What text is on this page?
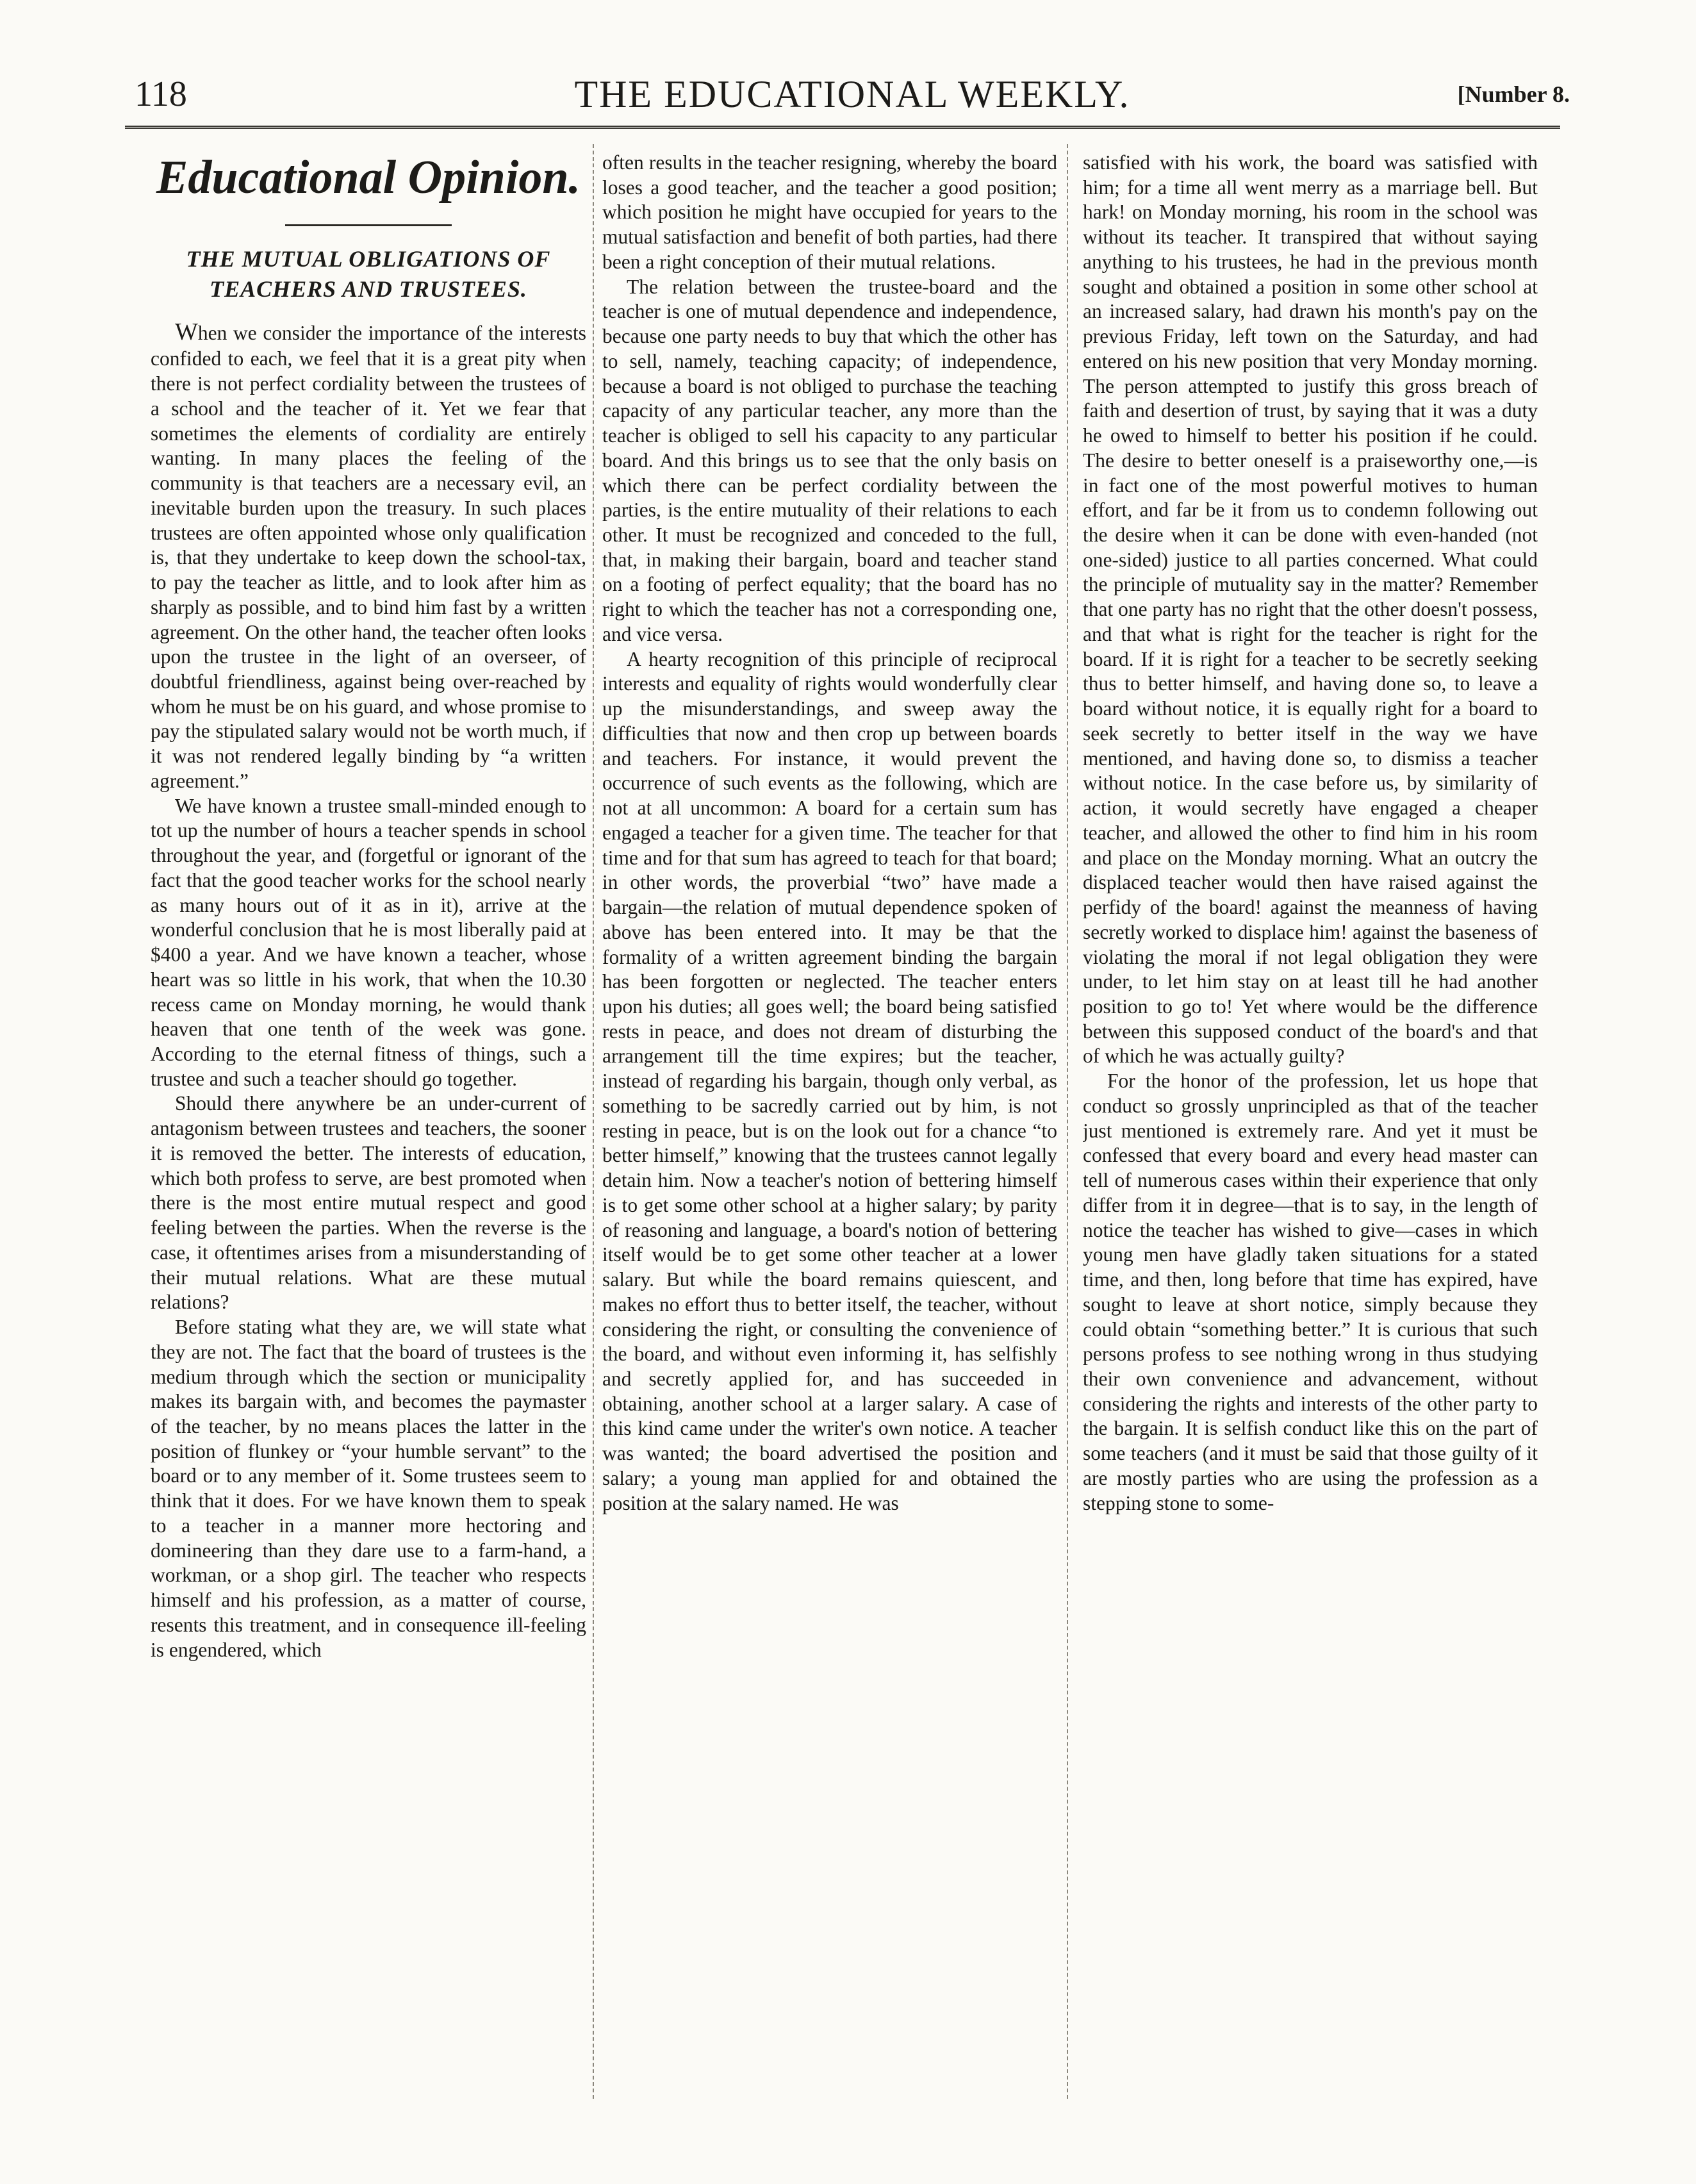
118	THE EDUCATIONAL WEEKLY.	[Number 8.
Educational Opinion.
THE MUTUAL OBLIGATIONS OF TEACHERS AND TRUSTEES.

When we consider the importance of the interests confided to each, we feel that it is a great pity when there is not perfect cordiality between the trustees of a school and the teacher of it. Yet we fear that sometimes the elements of cordiality are entirely wanting. In many places the feeling of the community is that teachers are a necessary evil, an inevitable burden upon the treasury. In such places trustees are often appointed whose only qualification is, that they undertake to keep down the school-tax, to pay the teacher as little, and to look after him as sharply as possible, and to bind him fast by a written agreement. On the other hand, the teacher often looks upon the trustee in the light of an overseer, of doubtful friendliness, against being over-reached by whom he must be on his guard, and whose promise to pay the stipulated salary would not be worth much, if it was not rendered legally binding by “a written agreement.”

We have known a trustee small-minded enough to tot up the number of hours a teacher spends in school throughout the year, and (forgetful or ignorant of the fact that the good teacher works for the school nearly as many hours out of it as in it), arrive at the wonderful conclusion that he is most liberally paid at $400 a year. And we have known a teacher, whose heart was so little in his work, that when the 10.30 recess came on Monday morning, he would thank heaven that one tenth of the week was gone. According to the eternal fitness of things, such a trustee and such a teacher should go together.

Should there anywhere be an under-current of antagonism between trustees and teachers, the sooner it is removed the better. The interests of education, which both profess to serve, are best promoted when there is the most entire mutual respect and good feeling between the parties. When the reverse is the case, it oftentimes arises from a misunderstanding of their mutual relations. What are these mutual relations?

Before stating what they are, we will state what they are not. The fact that the board of trustees is the medium through which the section or municipality makes its bargain with, and becomes the paymaster of the teacher, by no means places the latter in the position of flunkey or “your humble servant” to the board or to any member of it. Some trustees seem to think that it does. For we have known them to speak to a teacher in a manner more hectoring and domineering than they dare use to a farm-hand, a workman, or a shop girl. The teacher who respects himself and his profession, as a matter of course, resents this treatment, and in consequence ill-feeling is engendered, which

often results in the teacher resigning, whereby the board loses a good teacher, and the teacher a good position; which position he might have occupied for years to the mutual satisfaction and benefit of both parties, had there been a right conception of their mutual relations.

The relation between the trustee-board and the teacher is one of mutual dependence and independence, because one party needs to buy that which the other has to sell, namely, teaching capacity; of independence, because a board is not obliged to purchase the teaching capacity of any particular teacher, any more than the teacher is obliged to sell his capacity to any particular board. And this brings us to see that the only basis on which there can be perfect cordiality between the parties, is the entire mutuality of their relations to each other. It must be recognized and conceded to the full, that, in making their bargain, board and teacher stand on a footing of perfect equality; that the board has no right to which the teacher has not a corresponding one, and vice versa.

A hearty recognition of this principle of reciprocal interests and equality of rights would wonderfully clear up the misunderstandings, and sweep away the difficulties that now and then crop up between boards and teachers. For instance, it would prevent the occurrence of such events as the following, which are not at all uncommon: A board for a certain sum has engaged a teacher for a given time. The teacher for that time and for that sum has agreed to teach for that board; in other words, the proverbial “two” have made a bargain—the relation of mutual dependence spoken of above has been entered into. It may be that the formality of a written agreement binding the bargain has been forgotten or neglected. The teacher enters upon his duties; all goes well; the board being satisfied rests in peace, and does not dream of disturbing the arrangement till the time expires; but the teacher, instead of regarding his bargain, though only verbal, as something to be sacredly carried out by him, is not resting in peace, but is on the look out for a chance “to better himself,” knowing that the trustees cannot legally detain him. Now a teacher's notion of bettering himself is to get some other school at a higher salary; by parity of reasoning and language, a board's notion of bettering itself would be to get some other teacher at a lower salary. But while the board remains quiescent, and makes no effort thus to better itself, the teacher, without considering the right, or consulting the convenience of the board, and without even informing it, has selfishly and secretly applied for, and has succeeded in obtaining, another school at a larger salary. A case of this kind came under the writer's own notice. A teacher was wanted; the board advertised the position and salary; a young man applied for and obtained the position at the salary named. He was

satisfied with his work, the board was satisfied with him; for a time all went merry as a marriage bell. But hark! on Monday morning, his room in the school was without its teacher. It transpired that without saying anything to his trustees, he had in the previous month sought and obtained a position in some other school at an increased salary, had drawn his month's pay on the previous Friday, left town on the Saturday, and had entered on his new position that very Monday morning. The person attempted to justify this gross breach of faith and desertion of trust, by saying that it was a duty he owed to himself to better his position if he could. The desire to better oneself is a praiseworthy one,—is in fact one of the most powerful motives to human effort, and far be it from us to condemn following out the desire when it can be done with even-handed (not one-sided) justice to all parties concerned. What could the principle of mutuality say in the matter? Remember that one party has no right that the other doesn't possess, and that what is right for the teacher is right for the board. If it is right for a teacher to be secretly seeking thus to better himself, and having done so, to leave a board without notice, it is equally right for a board to seek secretly to better itself in the way we have mentioned, and having done so, to dismiss a teacher without notice. In the case before us, by similarity of action, it would secretly have engaged a cheaper teacher, and allowed the other to find him in his room and place on the Monday morning. What an outcry the displaced teacher would then have raised against the perfidy of the board! against the meanness of having secretly worked to displace him! against the baseness of violating the moral if not legal obligation they were under, to let him stay on at least till he had another position to go to! Yet where would be the difference between this supposed conduct of the board's and that of which he was actually guilty?

For the honor of the profession, let us hope that conduct so grossly unprincipled as that of the teacher just mentioned is extremely rare. And yet it must be confessed that every board and every head master can tell of numerous cases within their experience that only differ from it in degree—that is to say, in the length of notice the teacher has wished to give—cases in which young men have gladly taken situations for a stated time, and then, long before that time has expired, have sought to leave at short notice, simply because they could obtain “something better.” It is curious that such persons profess to see nothing wrong in thus studying their own convenience and advancement, without considering the rights and interests of the other party to the bargain. It is selfish conduct like this on the part of some teachers (and it must be said that those guilty of it are mostly parties who are using the profession as a stepping stone to some-
